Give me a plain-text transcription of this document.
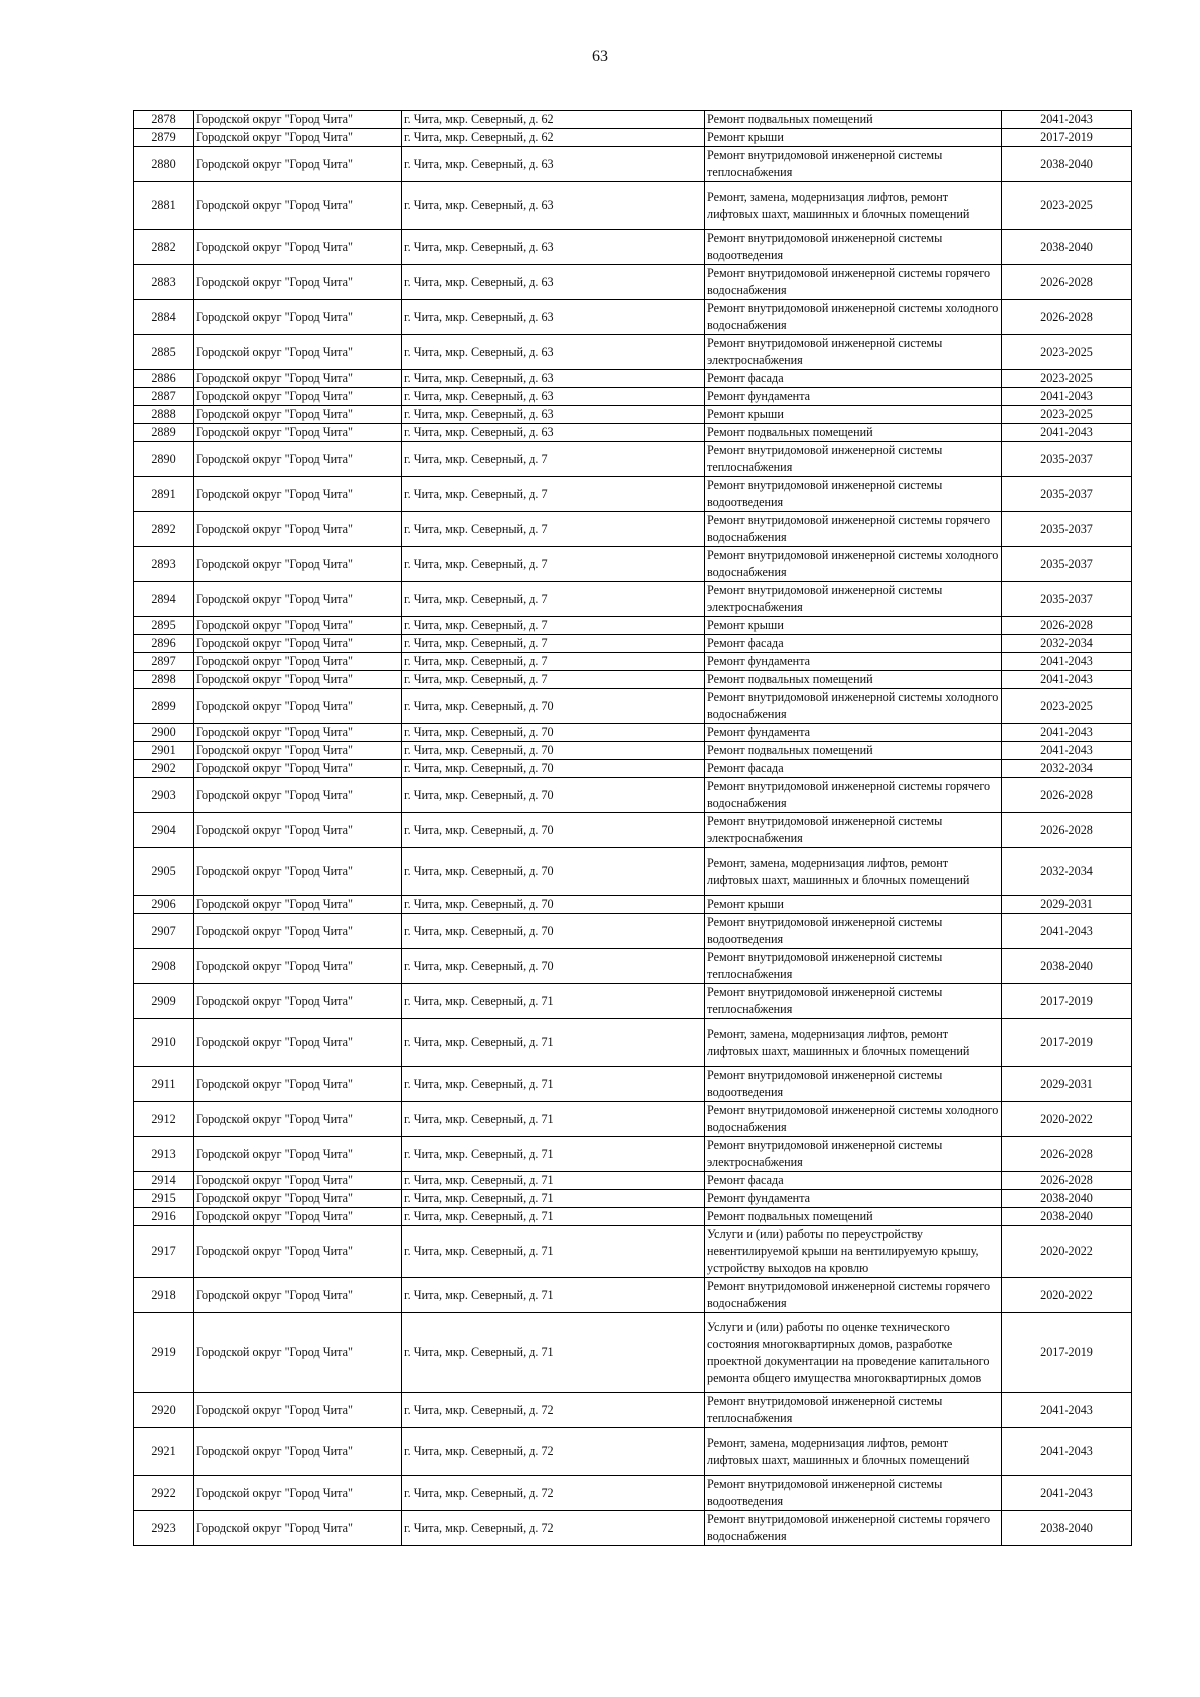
63
2878	Городской округ "Город Чита"	г. Чита, мкр. Северный, д. 62	Ремонт подвальных помещений	2041-2043
2879	Городской округ "Город Чита"	г. Чита, мкр. Северный, д. 62	Ремонт крыши	2017-2019
2880	Городской округ "Город Чита"	г. Чита, мкр. Северный, д. 63	Ремонт внутридомовой инженерной системы теплоснабжения	2038-2040
2881	Городской округ "Город Чита"	г. Чита, мкр. Северный, д. 63	Ремонт, замена, модернизация лифтов, ремонт лифтовых шахт, машинных и блочных помещений	2023-2025
2882	Городской округ "Город Чита"	г. Чита, мкр. Северный, д. 63	Ремонт внутридомовой инженерной системы водоотведения	2038-2040
2883	Городской округ "Город Чита"	г. Чита, мкр. Северный, д. 63	Ремонт внутридомовой инженерной системы горячего водоснабжения	2026-2028
2884	Городской округ "Город Чита"	г. Чита, мкр. Северный, д. 63	Ремонт внутридомовой инженерной системы холодного водоснабжения	2026-2028
2885	Городской округ "Город Чита"	г. Чита, мкр. Северный, д. 63	Ремонт внутридомовой инженерной системы электроснабжения	2023-2025
2886	Городской округ "Город Чита"	г. Чита, мкр. Северный, д. 63	Ремонт фасада	2023-2025
2887	Городской округ "Город Чита"	г. Чита, мкр. Северный, д. 63	Ремонт фундамента	2041-2043
2888	Городской округ "Город Чита"	г. Чита, мкр. Северный, д. 63	Ремонт крыши	2023-2025
2889	Городской округ "Город Чита"	г. Чита, мкр. Северный, д. 63	Ремонт подвальных помещений	2041-2043
2890	Городской округ "Город Чита"	г. Чита, мкр. Северный, д. 7	Ремонт внутридомовой инженерной системы теплоснабжения	2035-2037
2891	Городской округ "Город Чита"	г. Чита, мкр. Северный, д. 7	Ремонт внутридомовой инженерной системы водоотведения	2035-2037
2892	Городской округ "Город Чита"	г. Чита, мкр. Северный, д. 7	Ремонт внутридомовой инженерной системы горячего водоснабжения	2035-2037
2893	Городской округ "Город Чита"	г. Чита, мкр. Северный, д. 7	Ремонт внутридомовой инженерной системы холодного водоснабжения	2035-2037
2894	Городской округ "Город Чита"	г. Чита, мкр. Северный, д. 7	Ремонт внутридомовой инженерной системы электроснабжения	2035-2037
2895	Городской округ "Город Чита"	г. Чита, мкр. Северный, д. 7	Ремонт крыши	2026-2028
2896	Городской округ "Город Чита"	г. Чита, мкр. Северный, д. 7	Ремонт фасада	2032-2034
2897	Городской округ "Город Чита"	г. Чита, мкр. Северный, д. 7	Ремонт фундамента	2041-2043
2898	Городской округ "Город Чита"	г. Чита, мкр. Северный, д. 7	Ремонт подвальных помещений	2041-2043
2899	Городской округ "Город Чита"	г. Чита, мкр. Северный, д. 70	Ремонт внутридомовой инженерной системы холодного водоснабжения	2023-2025
2900	Городской округ "Город Чита"	г. Чита, мкр. Северный, д. 70	Ремонт фундамента	2041-2043
2901	Городской округ "Город Чита"	г. Чита, мкр. Северный, д. 70	Ремонт подвальных помещений	2041-2043
2902	Городской округ "Город Чита"	г. Чита, мкр. Северный, д. 70	Ремонт фасада	2032-2034
2903	Городской округ "Город Чита"	г. Чита, мкр. Северный, д. 70	Ремонт внутридомовой инженерной системы горячего водоснабжения	2026-2028
2904	Городской округ "Город Чита"	г. Чита, мкр. Северный, д. 70	Ремонт внутридомовой инженерной системы электроснабжения	2026-2028
2905	Городской округ "Город Чита"	г. Чита, мкр. Северный, д. 70	Ремонт, замена, модернизация лифтов, ремонт лифтовых шахт, машинных и блочных помещений	2032-2034
2906	Городской округ "Город Чита"	г. Чита, мкр. Северный, д. 70	Ремонт крыши	2029-2031
2907	Городской округ "Город Чита"	г. Чита, мкр. Северный, д. 70	Ремонт внутридомовой инженерной системы водоотведения	2041-2043
2908	Городской округ "Город Чита"	г. Чита, мкр. Северный, д. 70	Ремонт внутридомовой инженерной системы теплоснабжения	2038-2040
2909	Городской округ "Город Чита"	г. Чита, мкр. Северный, д. 71	Ремонт внутридомовой инженерной системы теплоснабжения	2017-2019
2910	Городской округ "Город Чита"	г. Чита, мкр. Северный, д. 71	Ремонт, замена, модернизация лифтов, ремонт лифтовых шахт, машинных и блочных помещений	2017-2019
2911	Городской округ "Город Чита"	г. Чита, мкр. Северный, д. 71	Ремонт внутридомовой инженерной системы водоотведения	2029-2031
2912	Городской округ "Город Чита"	г. Чита, мкр. Северный, д. 71	Ремонт внутридомовой инженерной системы холодного водоснабжения	2020-2022
2913	Городской округ "Город Чита"	г. Чита, мкр. Северный, д. 71	Ремонт внутридомовой инженерной системы электроснабжения	2026-2028
2914	Городской округ "Город Чита"	г. Чита, мкр. Северный, д. 71	Ремонт фасада	2026-2028
2915	Городской округ "Город Чита"	г. Чита, мкр. Северный, д. 71	Ремонт фундамента	2038-2040
2916	Городской округ "Город Чита"	г. Чита, мкр. Северный, д. 71	Ремонт подвальных помещений	2038-2040
2917	Городской округ "Город Чита"	г. Чита, мкр. Северный, д. 71	Услуги и (или) работы по переустройству невентилируемой крыши на вентилируемую крышу, устройству выходов на кровлю	2020-2022
2918	Городской округ "Город Чита"	г. Чита, мкр. Северный, д. 71	Ремонт внутридомовой инженерной системы горячего водоснабжения	2020-2022
2919	Городской округ "Город Чита"	г. Чита, мкр. Северный, д. 71	Услуги и (или) работы по оценке технического состояния многоквартирных домов, разработке проектной документации на проведение капитального ремонта общего имущества многоквартирных домов	2017-2019
2920	Городской округ "Город Чита"	г. Чита, мкр. Северный, д. 72	Ремонт внутридомовой инженерной системы теплоснабжения	2041-2043
2921	Городской округ "Город Чита"	г. Чита, мкр. Северный, д. 72	Ремонт, замена, модернизация лифтов, ремонт лифтовых шахт, машинных и блочных помещений	2041-2043
2922	Городской округ "Город Чита"	г. Чита, мкр. Северный, д. 72	Ремонт внутридомовой инженерной системы водоотведения	2041-2043
2923	Городской округ "Город Чита"	г. Чита, мкр. Северный, д. 72	Ремонт внутридомовой инженерной системы горячего водоснабжения	2038-2040
